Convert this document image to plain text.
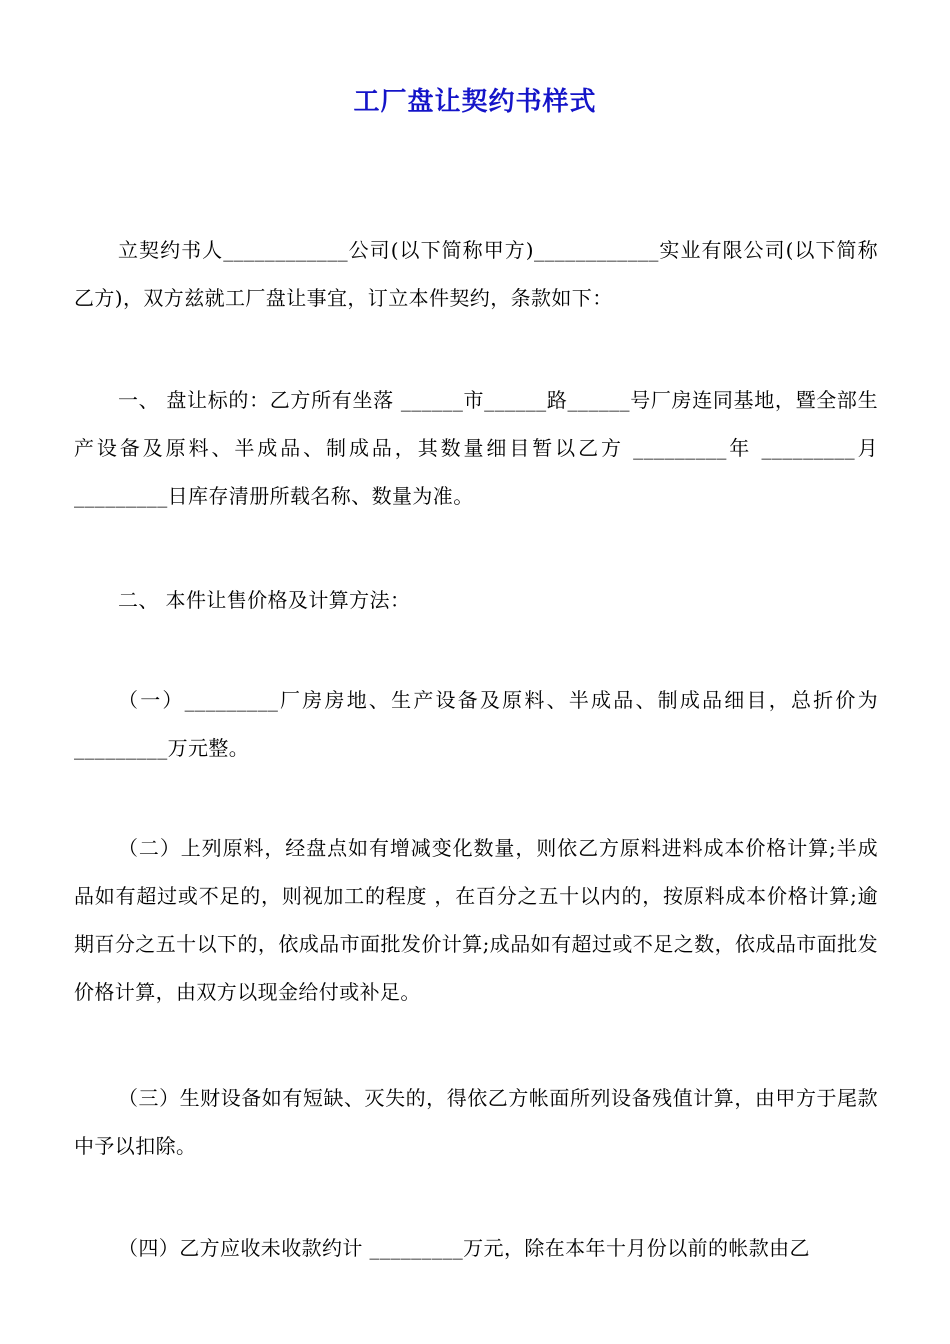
工厂盘让契约书样式

立契约书人____________公司(以下简称甲方)____________实业有限公司(以下简称乙方)，双方兹就工厂盘让事宜，订立本件契约，条款如下：

一、 盘让标的：乙方所有坐落 ______市______路______号厂房连同基地，暨全部生产设备及原料、半成品、制成品，其数量细目暂以乙方 _________年 _________月 _________日库存清册所载名称、数量为准。

二、 本件让售价格及计算方法：

（一）_________厂房房地、生产设备及原料、半成品、制成品细目，总折价为_________万元整。

（二）上列原料，经盘点如有增减变化数量，则依乙方原料进料成本价格计算;半成品如有超过或不足的，则视加工的程度 ，在百分之五十以内的，按原料成本价格计算;逾期百分之五十以下的，依成品市面批发价计算;成品如有超过或不足之数，依成品市面批发价格计算，由双方以现金给付或补足。

（三）生财设备如有短缺、灭失的，得依乙方帐面所列设备残值计算，由甲方于尾款中予以扣除。

（四）乙方应收未收款约计 _________万元，除在本年十月份以前的帐款由乙
